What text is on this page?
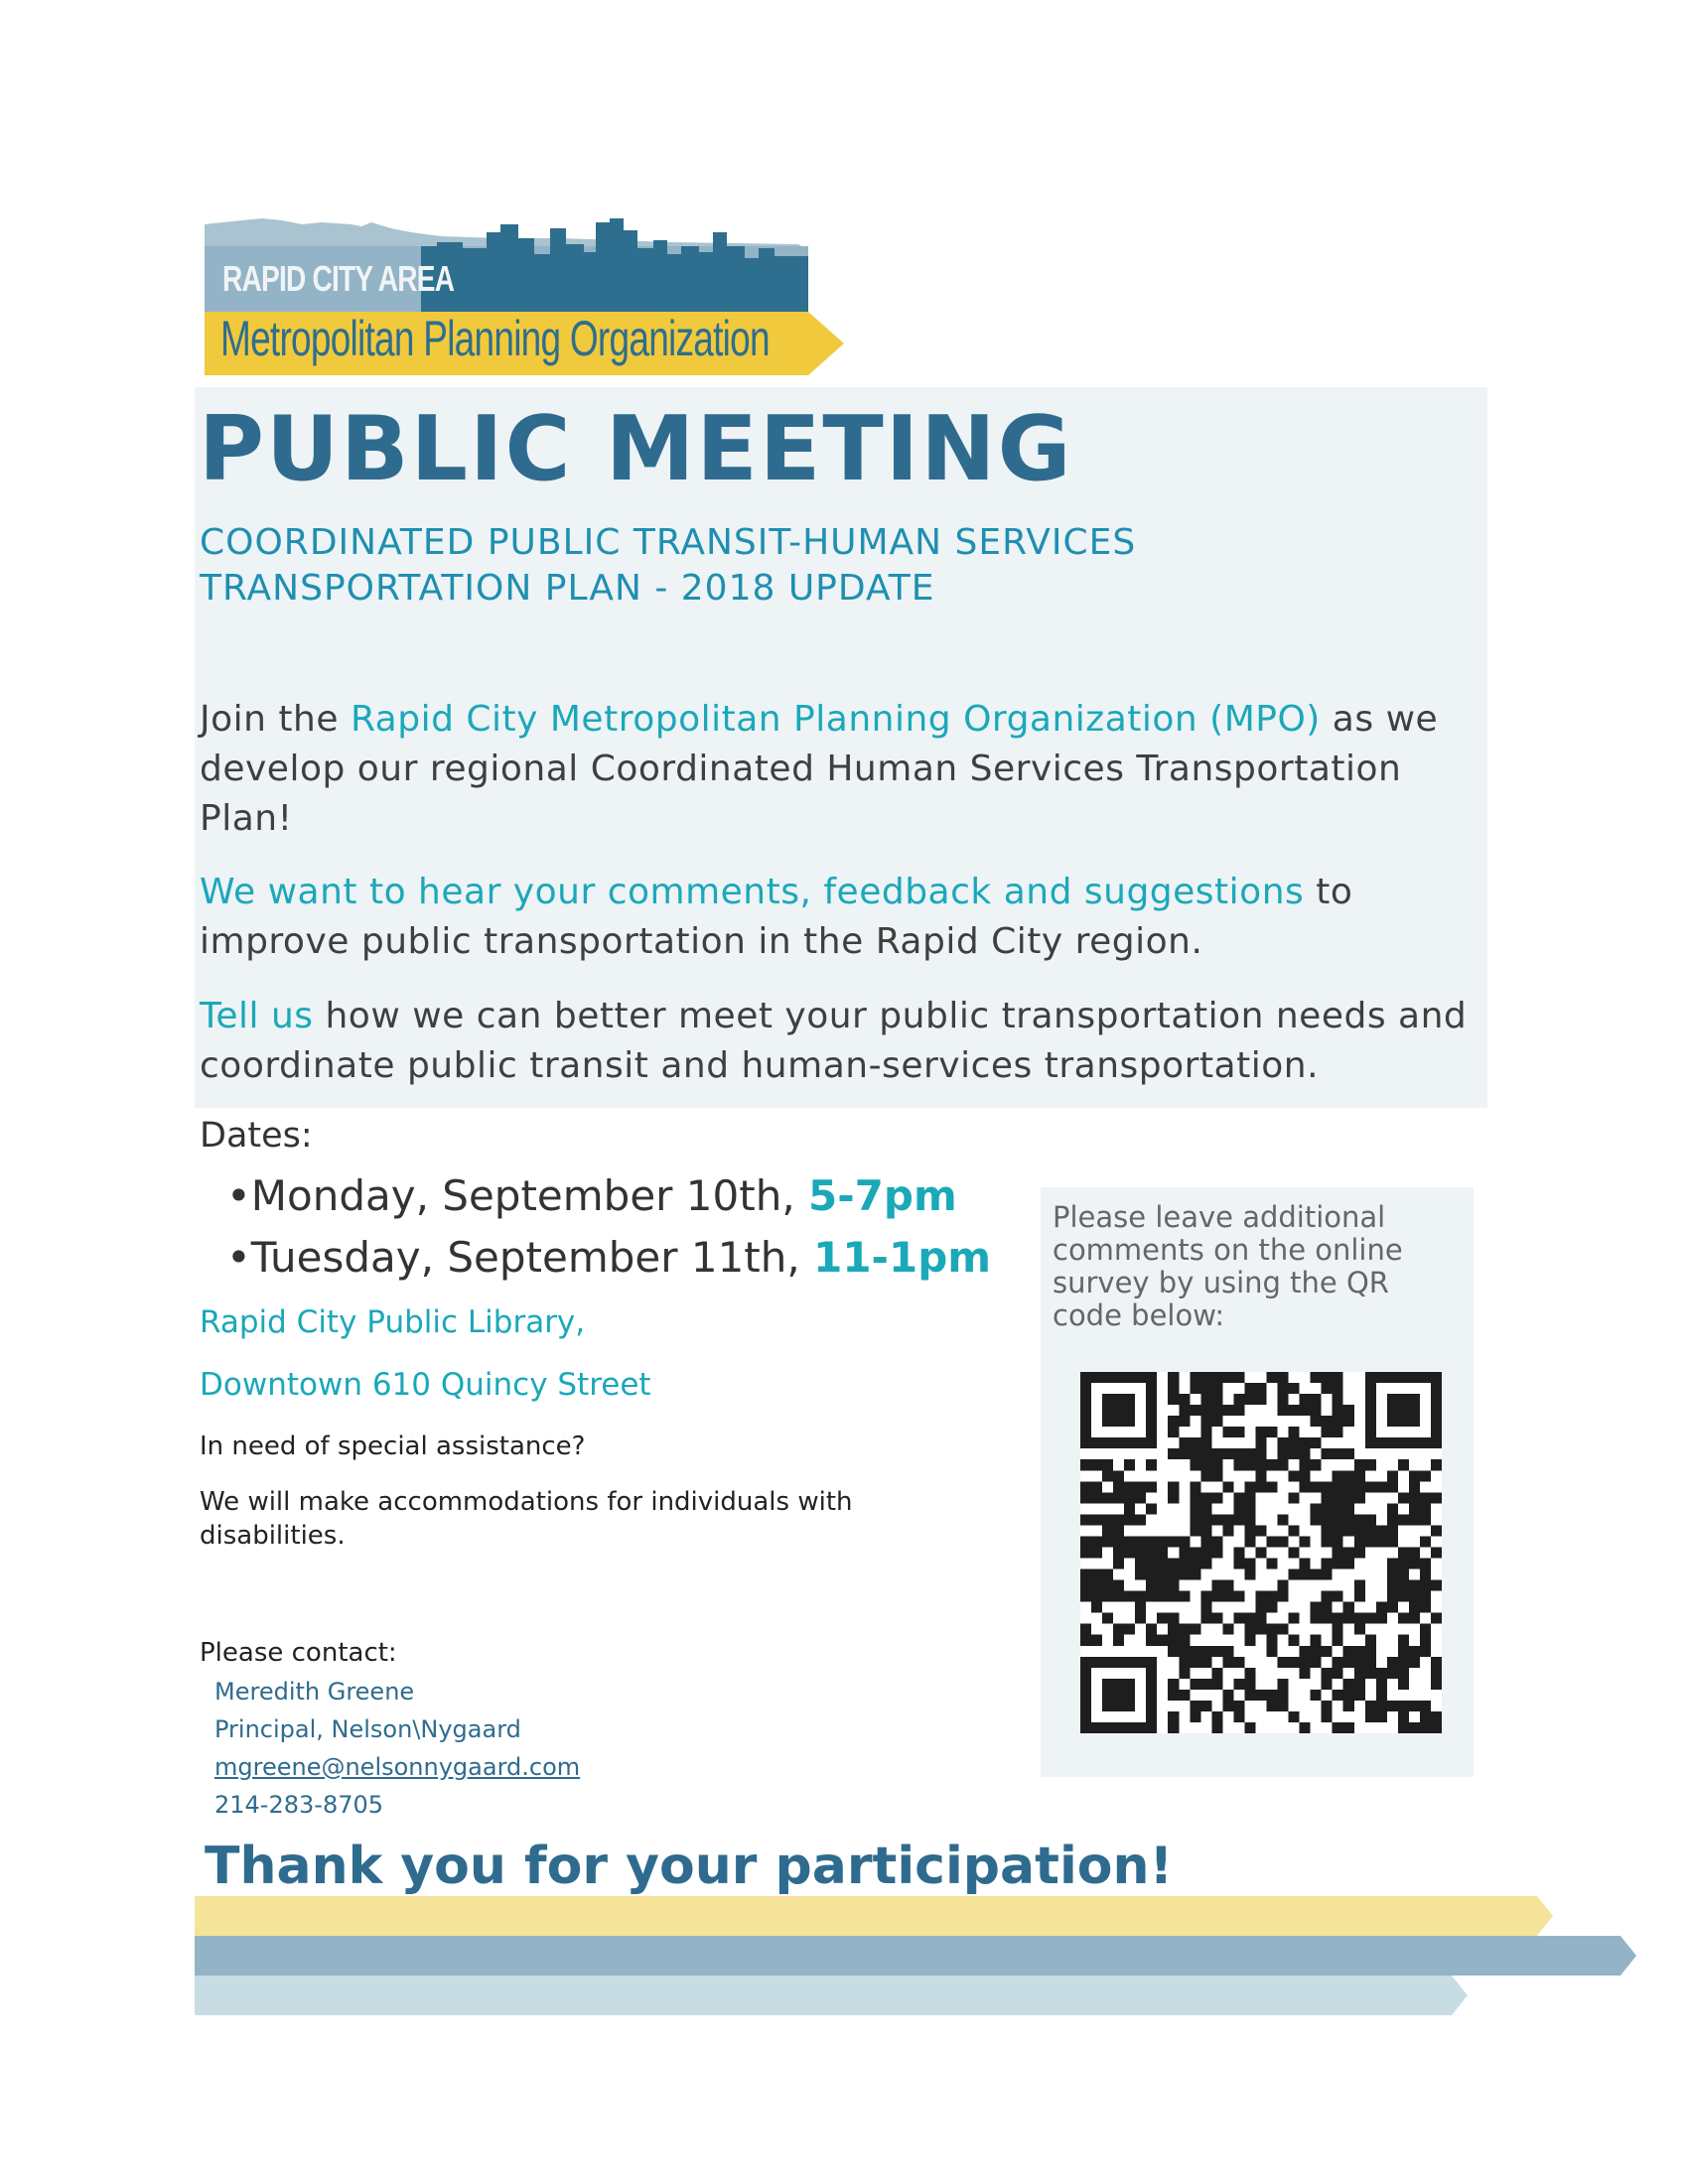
RAPID CITY AREA
Metropolitan Planning Organization
PUBLIC MEETING
COORDINATED PUBLIC TRANSIT-HUMAN SERVICES
TRANSPORTATION PLAN - 2018 UPDATE
Join the Rapid City Metropolitan Planning Organization (MPO) as we develop our regional Coordinated Human Services Transportation Plan!
We want to hear your comments, feedback and suggestions to improve public transportation in the Rapid City region.
Tell us how we can better meet your public transportation needs and coordinate public transit and human-services transportation.
Dates:
•Monday, September 10th, 5-7pm
•Tuesday, September 11th, 11-1pm
Rapid City Public Library,
Downtown 610 Quincy Street
In need of special assistance?
We will make accommodations for individuals with disabilities.
Please contact:
Meredith Greene
Principal, Nelson\Nygaard
mgreene@nelsonnygaard.com
214-283-8705
Please leave additional comments on the online survey by using the QR code below:
Thank you for your participation!
